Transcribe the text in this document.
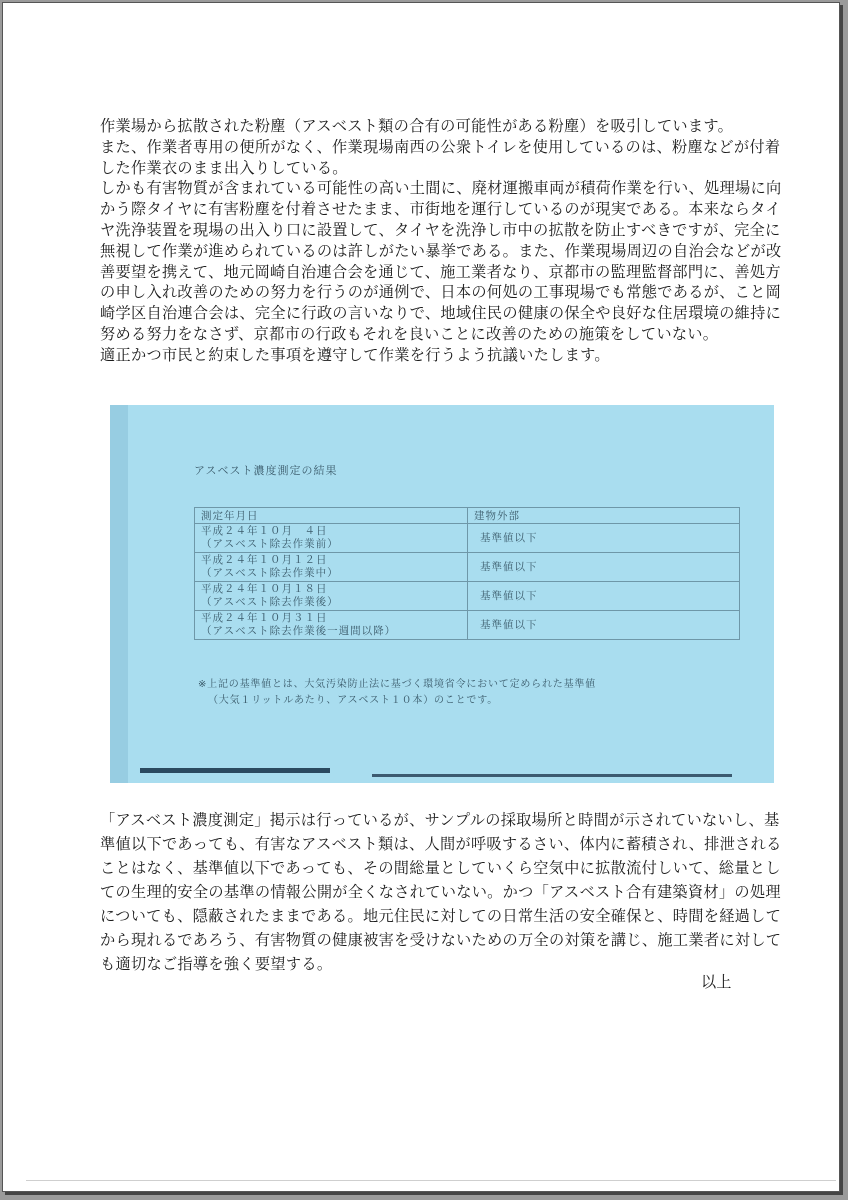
作業場から拡散された粉塵（アスベスト類の合有の可能性がある粉塵）を吸引しています。

また、作業者専用の便所がなく、作業現場南西の公衆トイレを使用しているのは、粉塵などが付着した作業衣のまま出入りしている。

しかも有害物質が含まれている可能性の高い土間に、廃材運搬車両が積荷作業を行い、処理場に向かう際タイヤに有害粉塵を付着させたまま、市街地を運行しているのが現実である。本来ならタイヤ洗浄装置を現場の出入り口に設置して、タイヤを洗浄し市中の拡散を防止すべきですが、完全に無視して作業が進められているのは許しがたい暴挙である。また、作業現場周辺の自治会などが改善要望を携えて、地元岡崎自治連合会を通じて、施工業者なり、京都市の監理監督部門に、善処方の申し入れ改善のための努力を行うのが通例で、日本の何処の工事現場でも常態であるが、こと岡崎学区自治連合会は、完全に行政の言いなりで、地域住民の健康の保全や良好な住居環境の維持に努める努力をなさず、京都市の行政もそれを良いことに改善のための施策をしていない。

適正かつ市民と約束した事項を遵守して作業を行うよう抗議いたします。

アスベスト濃度測定の結果
測定年月日	建物外部
平成２４年１０月　４日
（アスベスト除去作業前）	基準値以下
平成２４年１０月１２日
（アスベスト除去作業中）	基準値以下
平成２４年１０月１８日
（アスベスト除去作業後）	基準値以下
平成２４年１０月３１日
（アスベスト除去作業後一週間以降）	基準値以下
※上記の基準値とは、大気汚染防止法に基づく環境省令において定められた基準値
（大気１リットルあたり、アスベスト１０本）のことです。
「アスベスト濃度測定」掲示は行っているが、サンプルの採取場所と時間が示されていないし、基準値以下であっても、有害なアスベスト類は、人間が呼吸するさい、体内に蓄積され、排泄されることはなく、基準値以下であっても、その間総量としていくら空気中に拡散流付しいて、総量としての生理的安全の基準の情報公開が全くなされていない。かつ「アスベスト合有建築資材」の処理についても、隠蔽されたままである。地元住民に対しての日常生活の安全確保と、時間を経過してから現れるであろう、有害物質の健康被害を受けないための万全の対策を講じ、施工業者に対しても適切なご指導を強く要望する。
以上
